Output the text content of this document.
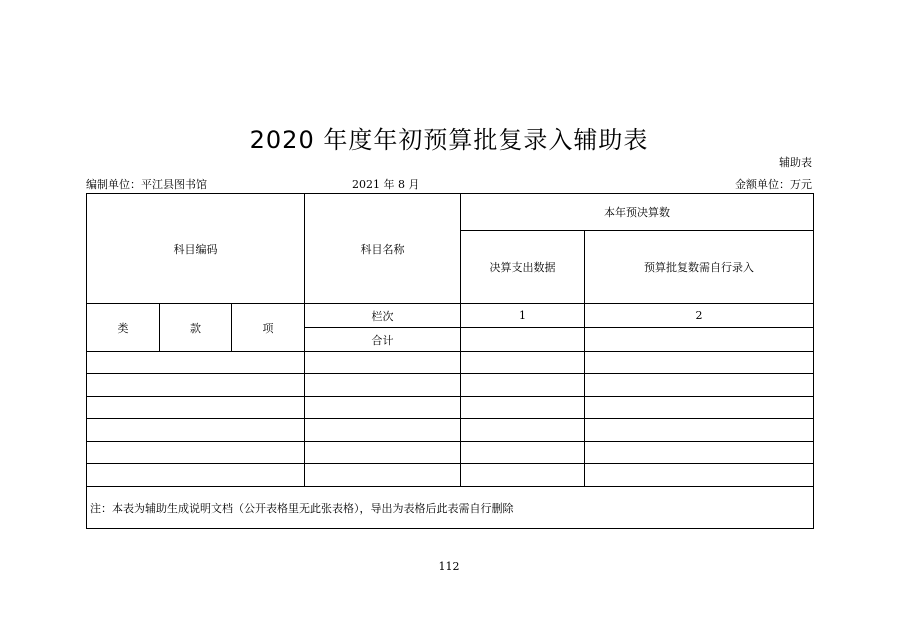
2020 年度年初预算批复录入辅助表
辅助表
编制单位：平江县图书馆	2021 年 8 月	金额单位：万元
科目编码			科目名称	本年预决算数	
				决算支出数据	预算批复数需自行录入
类	款	项	栏次	1	2
			合计		

注：本表为辅助生成说明文档（公开表格里无此张表格），导出为表格后此表需自行删除					
112
